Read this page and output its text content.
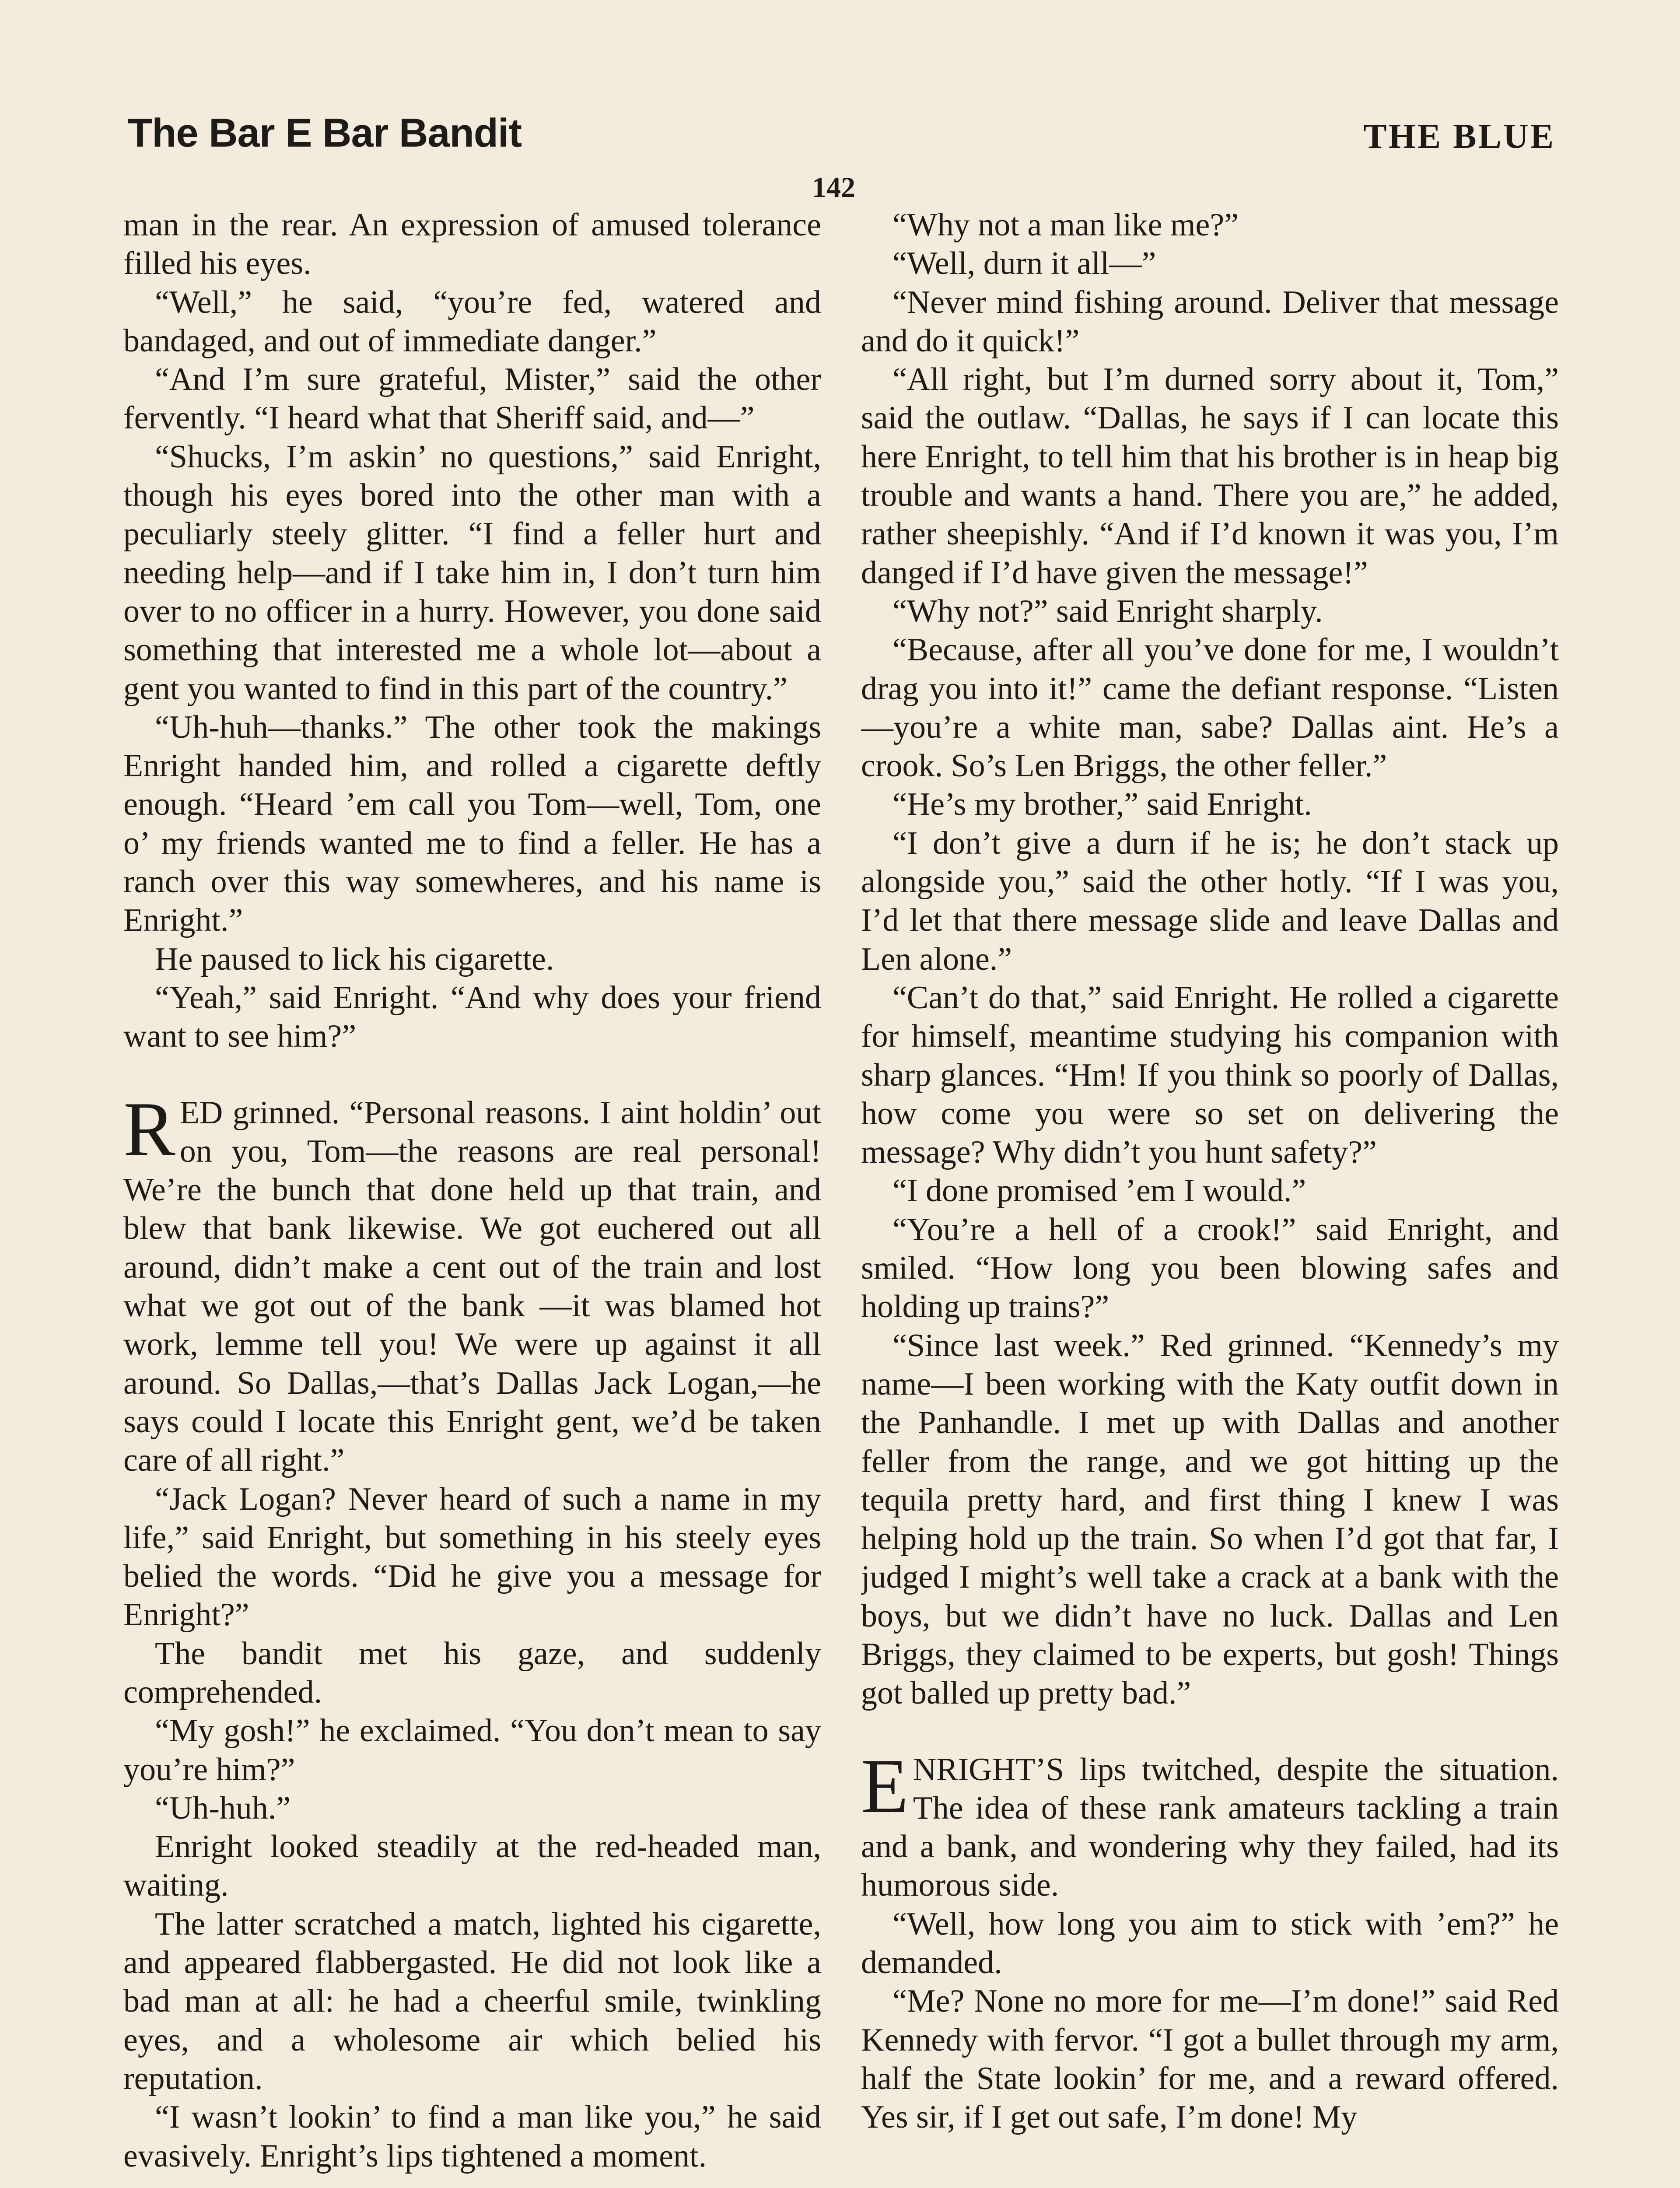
The Bar E Bar Bandit	THE BLUE
142

man in the rear. An expression of amused tolerance filled his eyes.

“Well,” he said, “you’re fed, watered and bandaged, and out of immediate danger.”

“And I’m sure grateful, Mister,” said the other fervently. “I heard what that Sheriff said, and—”

“Shucks, I’m askin’ no questions,” said Enright, though his eyes bored into the other man with a peculiarly steely glitter. “I find a feller hurt and needing help—and if I take him in, I don’t turn him over to no officer in a hurry. However, you done said something that interested me a whole lot—about a gent you wanted to find in this part of the country.”

“Uh-huh—thanks.” The other took the makings Enright handed him, and rolled a cigarette deftly enough. “Heard ’em call you Tom—well, Tom, one o’ my friends wanted me to find a feller. He has a ranch over this way somewheres, and his name is Enright.”

He paused to lick his cigarette.

“Yeah,” said Enright. “And why does your friend want to see him?”

RED grinned. “Personal reasons. I aint holdin’ out on you, Tom—the reasons are real personal! We’re the bunch that done held up that train, and blew that bank likewise. We got euchered out all around, didn’t make a cent out of the train and lost what we got out of the bank —it was blamed hot work, lemme tell you! We were up against it all around. So Dallas,—that’s Dallas Jack Logan,—he says could I locate this Enright gent, we’d be taken care of all right.”

“Jack Logan? Never heard of such a name in my life,” said Enright, but something in his steely eyes belied the words. “Did he give you a message for Enright?”

The bandit met his gaze, and suddenly comprehended.

“My gosh!” he exclaimed. “You don’t mean to say you’re him?”

“Uh-huh.”

Enright looked steadily at the red-headed man, waiting.

The latter scratched a match, lighted his cigarette, and appeared flabbergasted. He did not look like a bad man at all: he had a cheerful smile, twinkling eyes, and a wholesome air which belied his reputation.

“I wasn’t lookin’ to find a man like you,” he said evasively. Enright’s lips tightened a moment.

“Why not a man like me?”

“Well, durn it all—”

“Never mind fishing around. Deliver that message and do it quick!”

“All right, but I’m durned sorry about it, Tom,” said the outlaw. “Dallas, he says if I can locate this here Enright, to tell him that his brother is in heap big trouble and wants a hand. There you are,” he added, rather sheepishly. “And if I’d known it was you, I’m danged if I’d have given the message!”

“Why not?” said Enright sharply.

“Because, after all you’ve done for me, I wouldn’t drag you into it!” came the defiant response. “Listen—you’re a white man, sabe? Dallas aint. He’s a crook. So’s Len Briggs, the other feller.”

“He’s my brother,” said Enright.

“I don’t give a durn if he is; he don’t stack up alongside you,” said the other hotly. “If I was you, I’d let that there message slide and leave Dallas and Len alone.”

“Can’t do that,” said Enright. He rolled a cigarette for himself, meantime studying his companion with sharp glances. “Hm! If you think so poorly of Dallas, how come you were so set on delivering the message? Why didn’t you hunt safety?”

“I done promised ’em I would.”

“You’re a hell of a crook!” said Enright, and smiled. “How long you been blowing safes and holding up trains?”

“Since last week.” Red grinned. “Kennedy’s my name—I been working with the Katy outfit down in the Panhandle. I met up with Dallas and another feller from the range, and we got hitting up the tequila pretty hard, and first thing I knew I was helping hold up the train. So when I’d got that far, I judged I might’s well take a crack at a bank with the boys, but we didn’t have no luck. Dallas and Len Briggs, they claimed to be experts, but gosh! Things got balled up pretty bad.”

ENRIGHT’S lips twitched, despite the situation. The idea of these rank amateurs tackling a train and a bank, and wondering why they failed, had its humorous side.

“Well, how long you aim to stick with ’em?” he demanded.

“Me? None no more for me—I’m done!” said Red Kennedy with fervor. “I got a bullet through my arm, half the State lookin’ for me, and a reward offered. Yes sir, if I get out safe, I’m done! My
